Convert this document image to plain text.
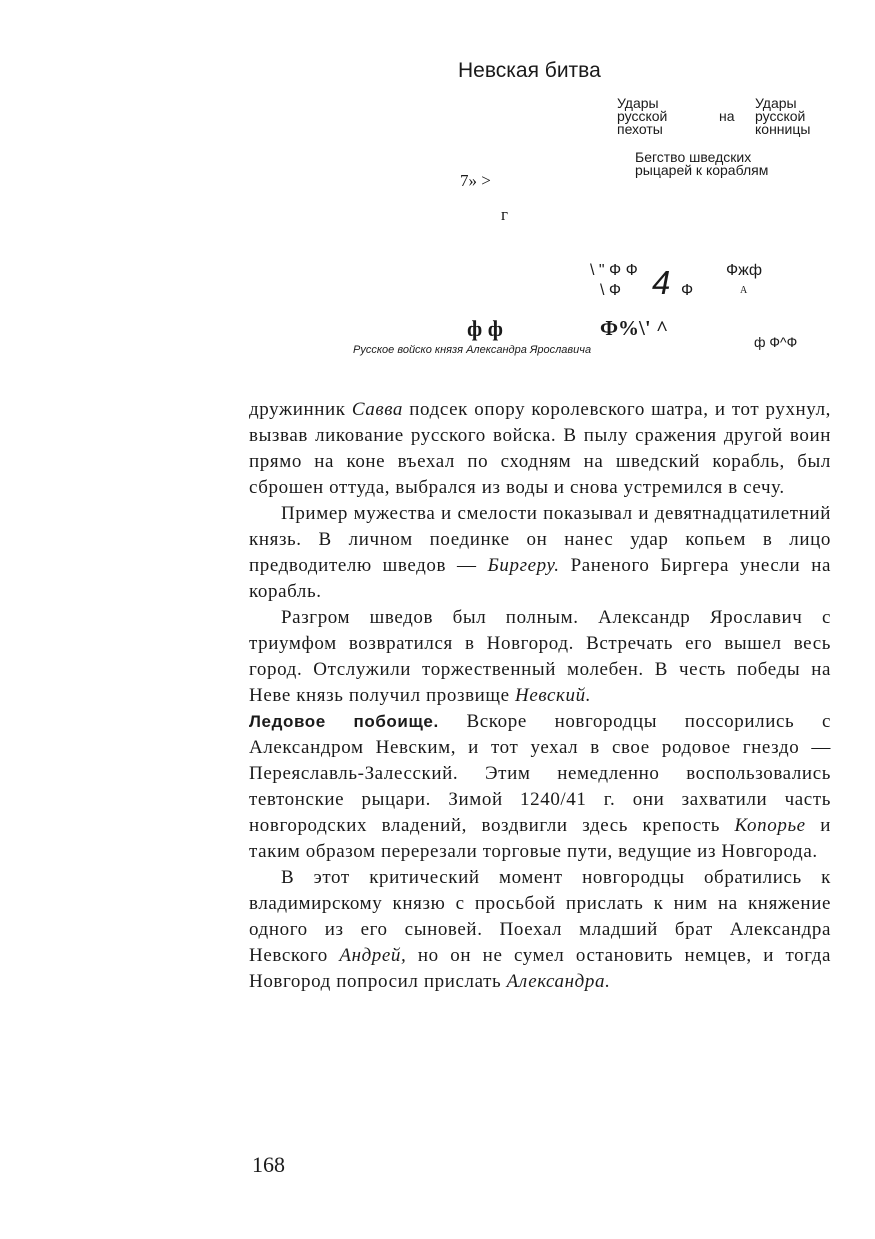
Невская битва
Удары русской пехоты
на
Удары русской конницы
Бегство шведских рыцарей к кораблям
7» >
г
\ " Ф Ф
\ Ф 4 Ф
Фжф
А
ф ф	Ф%\' ^
ф Ф^Ф
Русское войско князя Александра Ярославича

дружинник Савва подсек опору королевского шатра, и тот рухнул, вызвав ликование русского войска. В пылу сражения другой воин прямо на коне въехал по сходням на шведский корабль, был сброшен оттуда, выбрался из воды и снова устремился в сечу.

Пример мужества и смелости показывал и девятнадцатилетний князь. В личном поединке он нанес удар копьем в лицо предводителю шведов — Биргеру. Раненого Биргера унесли на корабль.

Разгром шведов был полным. Александр Ярославич с триумфом возвратился в Новгород. Встречать его вышел весь город. Отслужили торжественный молебен. В честь победы на Неве князь получил прозвище Невский.

Ледовое побоище. Вскоре новгородцы поссорились с Александром Невским, и тот уехал в свое родовое гнездо — Переяславль-Залесский. Этим немедленно воспользовались тевтонские рыцари. Зимой 1240/41 г. они захватили часть новгородских владений, воздвигли здесь крепость Копорье и таким образом перерезали торговые пути, ведущие из Новгорода.

В этот критический момент новгородцы обратились к владимирскому князю с просьбой прислать к ним на княжение одного из его сыновей. Поехал младший брат Александра Невского Андрей, но он не сумел остановить немцев, и тогда Новгород попросил прислать Александра.

168
